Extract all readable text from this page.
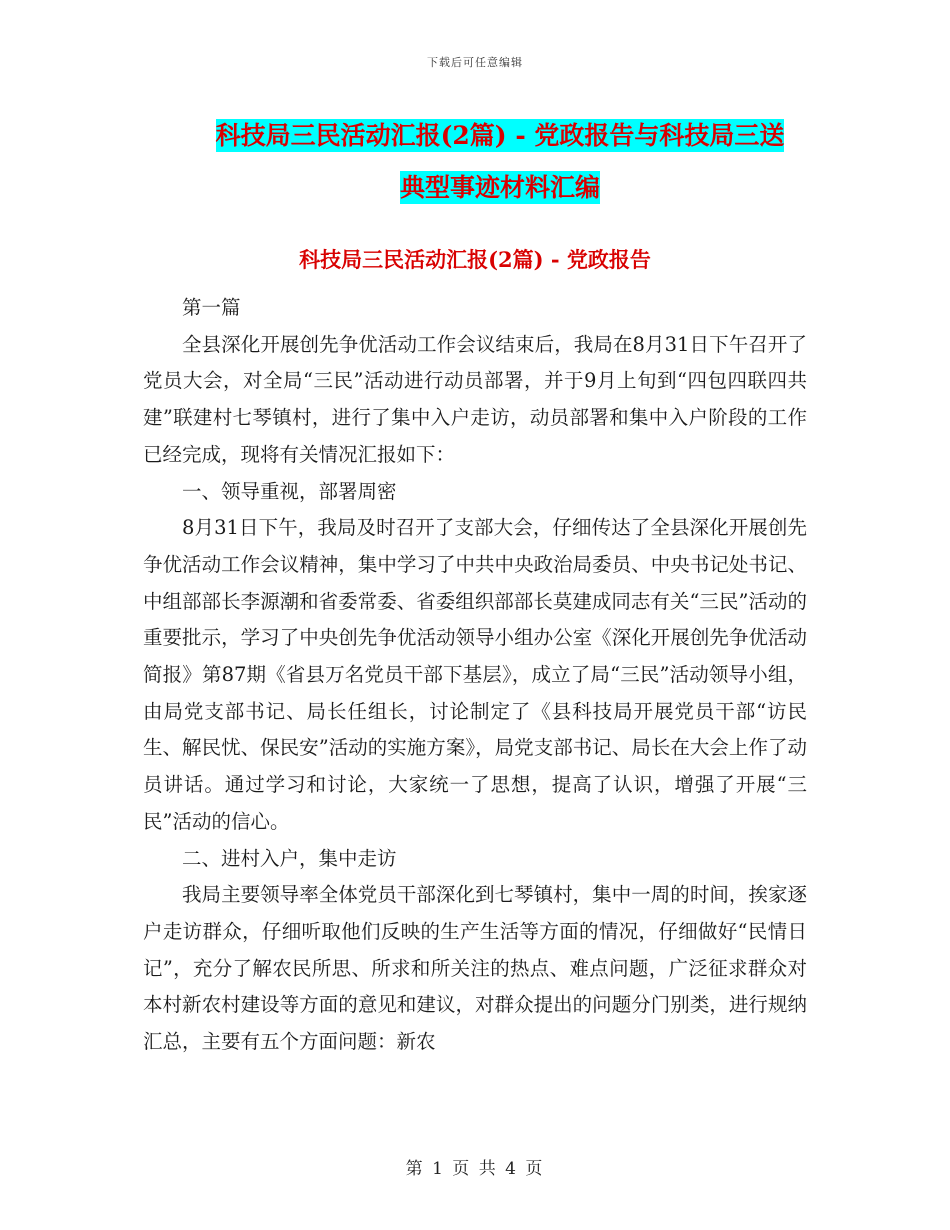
下载后可任意编辑
科技局三民活动汇报(2篇) - 党政报告与科技局三送
典型事迹材料汇编
科技局三民活动汇报(2篇) - 党政报告

第一篇

全县深化开展创先争优活动工作会议结束后，我局在8月31日下午召开了党员大会，对全局“三民”活动进行动员部署，并于9月上旬到“四包四联四共建”联建村七琴镇村，进行了集中入户走访，动员部署和集中入户阶段的工作已经完成，现将有关情况汇报如下：

一、领导重视，部署周密

8月31日下午，我局及时召开了支部大会，仔细传达了全县深化开展创先争优活动工作会议精神，集中学习了中共中央政治局委员、中央书记处书记、中组部部长李源潮和省委常委、省委组织部部长莫建成同志有关“三民”活动的重要批示，学习了中央创先争优活动领导小组办公室《深化开展创先争优活动简报》第87期《省县万名党员干部下基层》，成立了局“三民”活动领导小组，由局党支部书记、局长任组长，讨论制定了《县科技局开展党员干部“访民生、解民忧、保民安”活动的实施方案》，局党支部书记、局长在大会上作了动员讲话。通过学习和讨论，大家统一了思想，提高了认识，增强了开展“三民”活动的信心。

二、进村入户，集中走访

我局主要领导率全体党员干部深化到七琴镇村，集中一周的时间，挨家逐户走访群众，仔细听取他们反映的生产生活等方面的情况，仔细做好“民情日记”，充分了解农民所思、所求和所关注的热点、难点问题，广泛征求群众对本村新农村建设等方面的意见和建议，对群众提出的问题分门别类，进行规纳汇总，主要有五个方面问题：新农

第 1 页 共 4 页
